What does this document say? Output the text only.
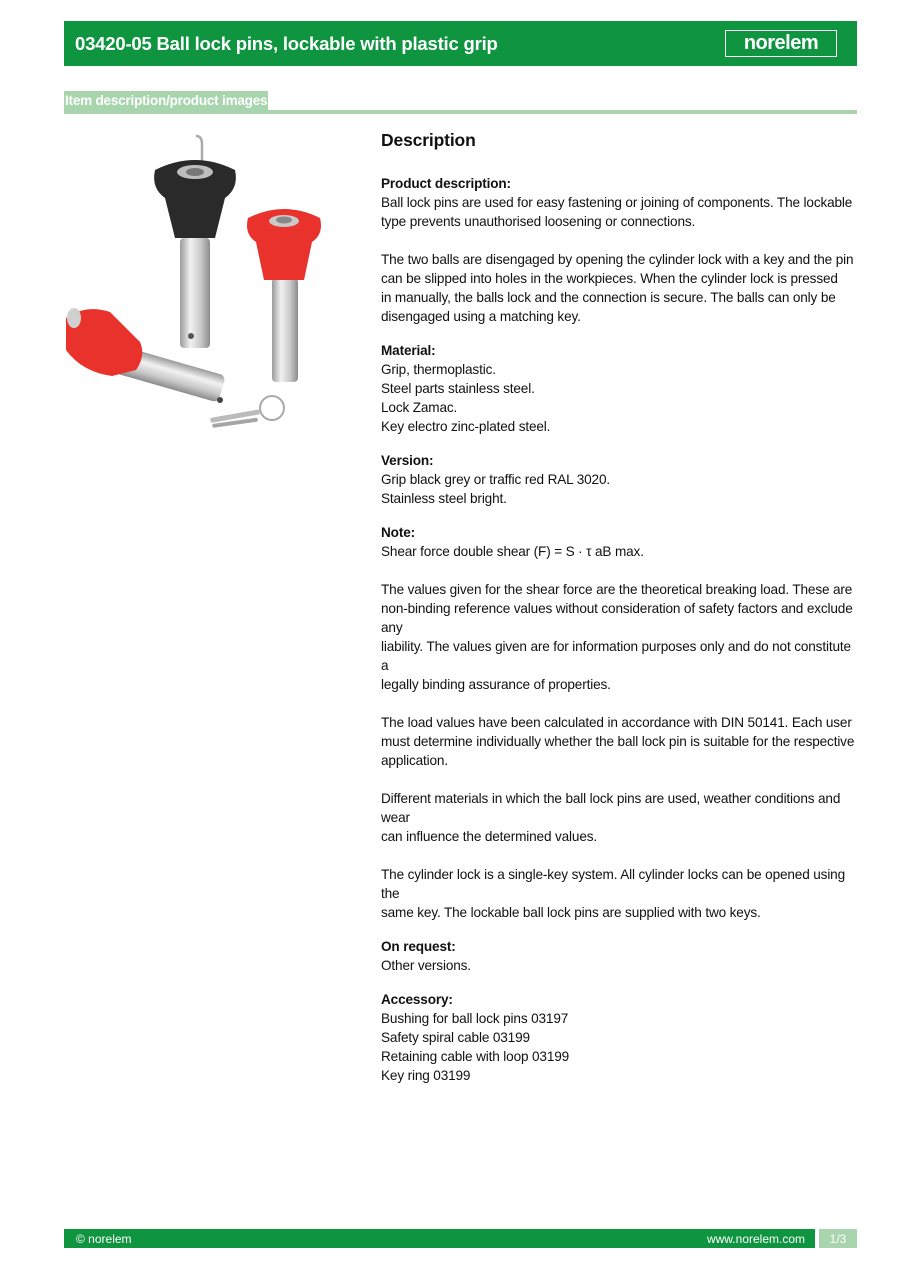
03420-05 Ball lock pins, lockable with plastic grip	norelem
Item description/product images
Description
Product description:
Ball lock pins are used for easy fastening or joining of components. The lockable
type prevents unauthorised loosening or connections.
The two balls are disengaged by opening the cylinder lock with a key and the pin
can be slipped into holes in the workpieces. When the cylinder lock is pressed
in manually, the balls lock and the connection is secure. The balls can only be
disengaged using a matching key.
Material:
Grip, thermoplastic.
Steel parts stainless steel.
Lock Zamac.
Key electro zinc-plated steel.
Version:
Grip black grey or traffic red RAL 3020.
Stainless steel bright.
Note:
Shear force double shear (F) = S · τ aB max.
The values given for the shear force are the theoretical breaking load. These are
non-binding reference values without consideration of safety factors and exclude any
liability. The values given are for information purposes only and do not constitute a
legally binding assurance of properties.
The load values have been calculated in accordance with DIN 50141. Each user
must determine individually whether the ball lock pin is suitable for the respective
application.
Different materials in which the ball lock pins are used, weather conditions and wear
can influence the determined values.
The cylinder lock is a single-key system. All cylinder locks can be opened using the
same key. The lockable ball lock pins are supplied with two keys.
On request:
Other versions.
Accessory:
Bushing for ball lock pins 03197
Safety spiral cable 03199
Retaining cable with loop 03199
Key ring 03199
© norelem	www.norelem.com	1/3
